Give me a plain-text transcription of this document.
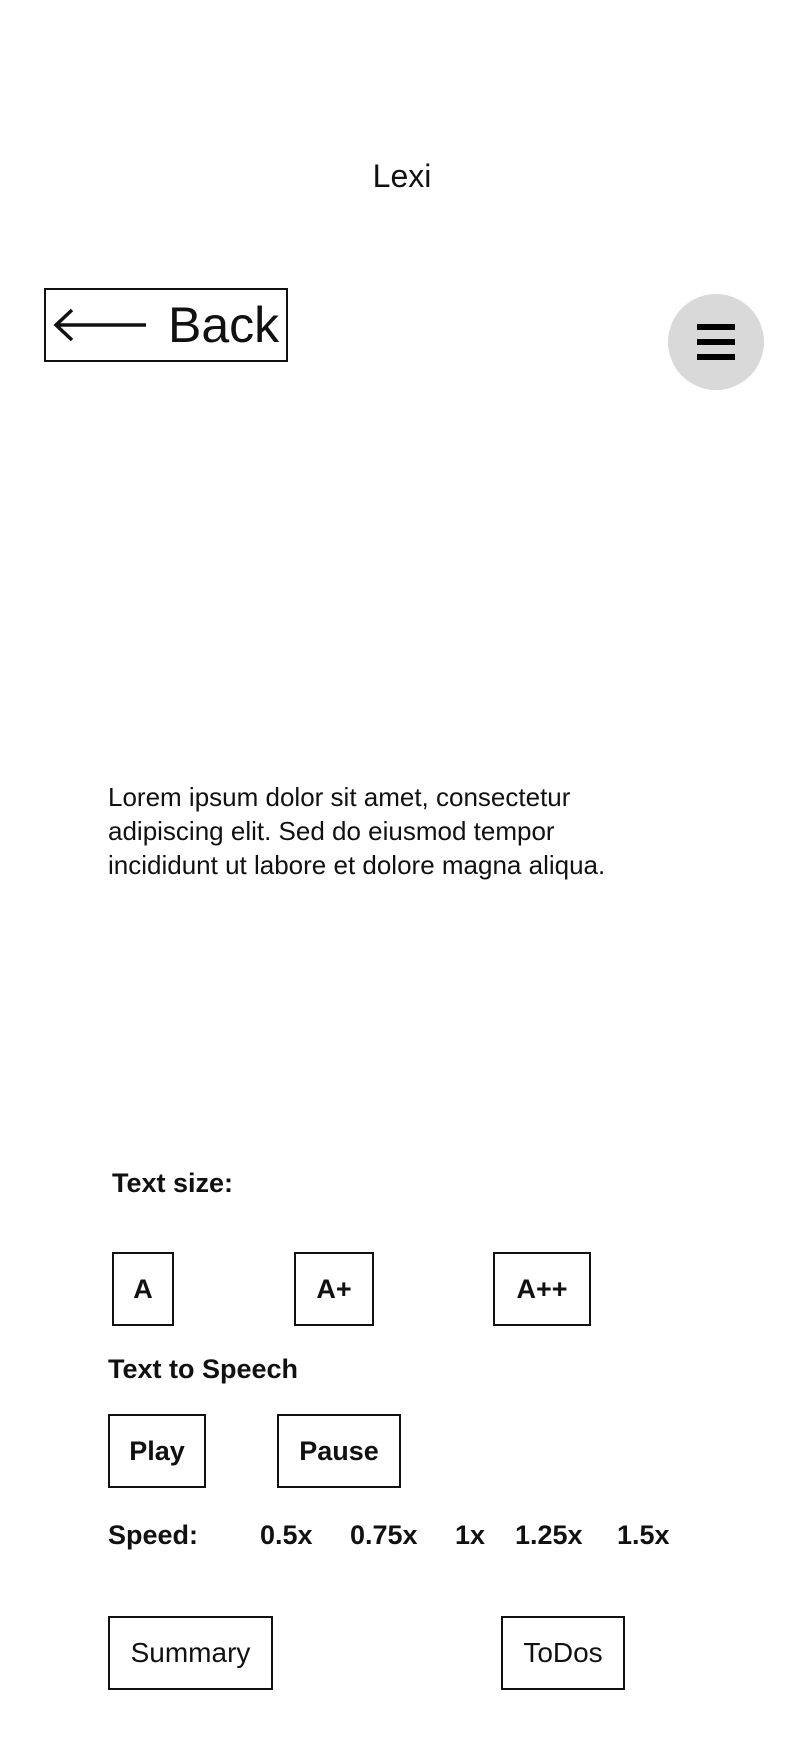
Lexi
Back
Lorem ipsum dolor sit amet, consectetur adipiscing elit. Sed do eiusmod tempor incididunt ut labore et dolore magna aliqua.
Text size:
A	A+	A++
Text to Speech
Play	Pause
Speed: 0.5x 0.75x 1x 1.25x 1.5x
Summary	ToDos
